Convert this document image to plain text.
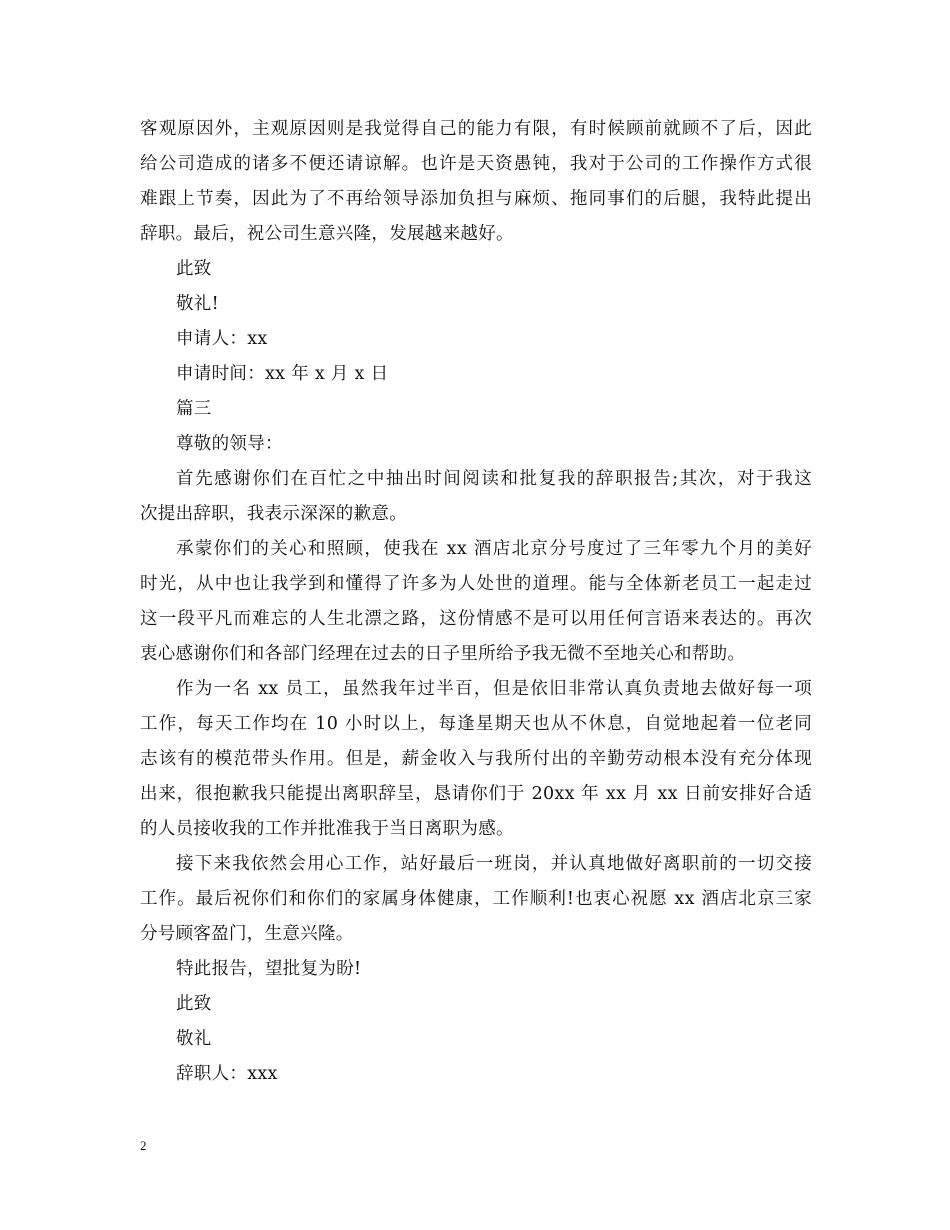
客观原因外，主观原因则是我觉得自己的能力有限，有时候顾前就顾不了后，因此
给公司造成的诸多不便还请谅解。也许是天资愚钝，我对于公司的工作操作方式很
难跟上节奏，因此为了不再给领导添加负担与麻烦、拖同事们的后腿，我特此提出
辞职。最后，祝公司生意兴隆，发展越来越好。
此致
敬礼!
申请人：xx
申请时间：xx 年 x 月 x 日
篇三
尊敬的领导：
首先感谢你们在百忙之中抽出时间阅读和批复我的辞职报告;其次，对于我这
次提出辞职，我表示深深的歉意。
承蒙你们的关心和照顾，使我在 xx 酒店北京分号度过了三年零九个月的美好
时光，从中也让我学到和懂得了许多为人处世的道理。能与全体新老员工一起走过
这一段平凡而难忘的人生北漂之路，这份情感不是可以用任何言语来表达的。再次
衷心感谢你们和各部门经理在过去的日子里所给予我无微不至地关心和帮助。
作为一名 xx 员工，虽然我年过半百，但是依旧非常认真负责地去做好每一项
工作，每天工作均在 10 小时以上，每逢星期天也从不休息，自觉地起着一位老同
志该有的模范带头作用。但是，薪金收入与我所付出的辛勤劳动根本没有充分体现
出来，很抱歉我只能提出离职辞呈，恳请你们于 20xx 年 xx 月 xx 日前安排好合适
的人员接收我的工作并批准我于当日离职为感。
接下来我依然会用心工作，站好最后一班岗，并认真地做好离职前的一切交接
工作。最后祝你们和你们的家属身体健康，工作顺利!也衷心祝愿 xx 酒店北京三家
分号顾客盈门，生意兴隆。
特此报告，望批复为盼!
此致
敬礼
辞职人：xxx
2
